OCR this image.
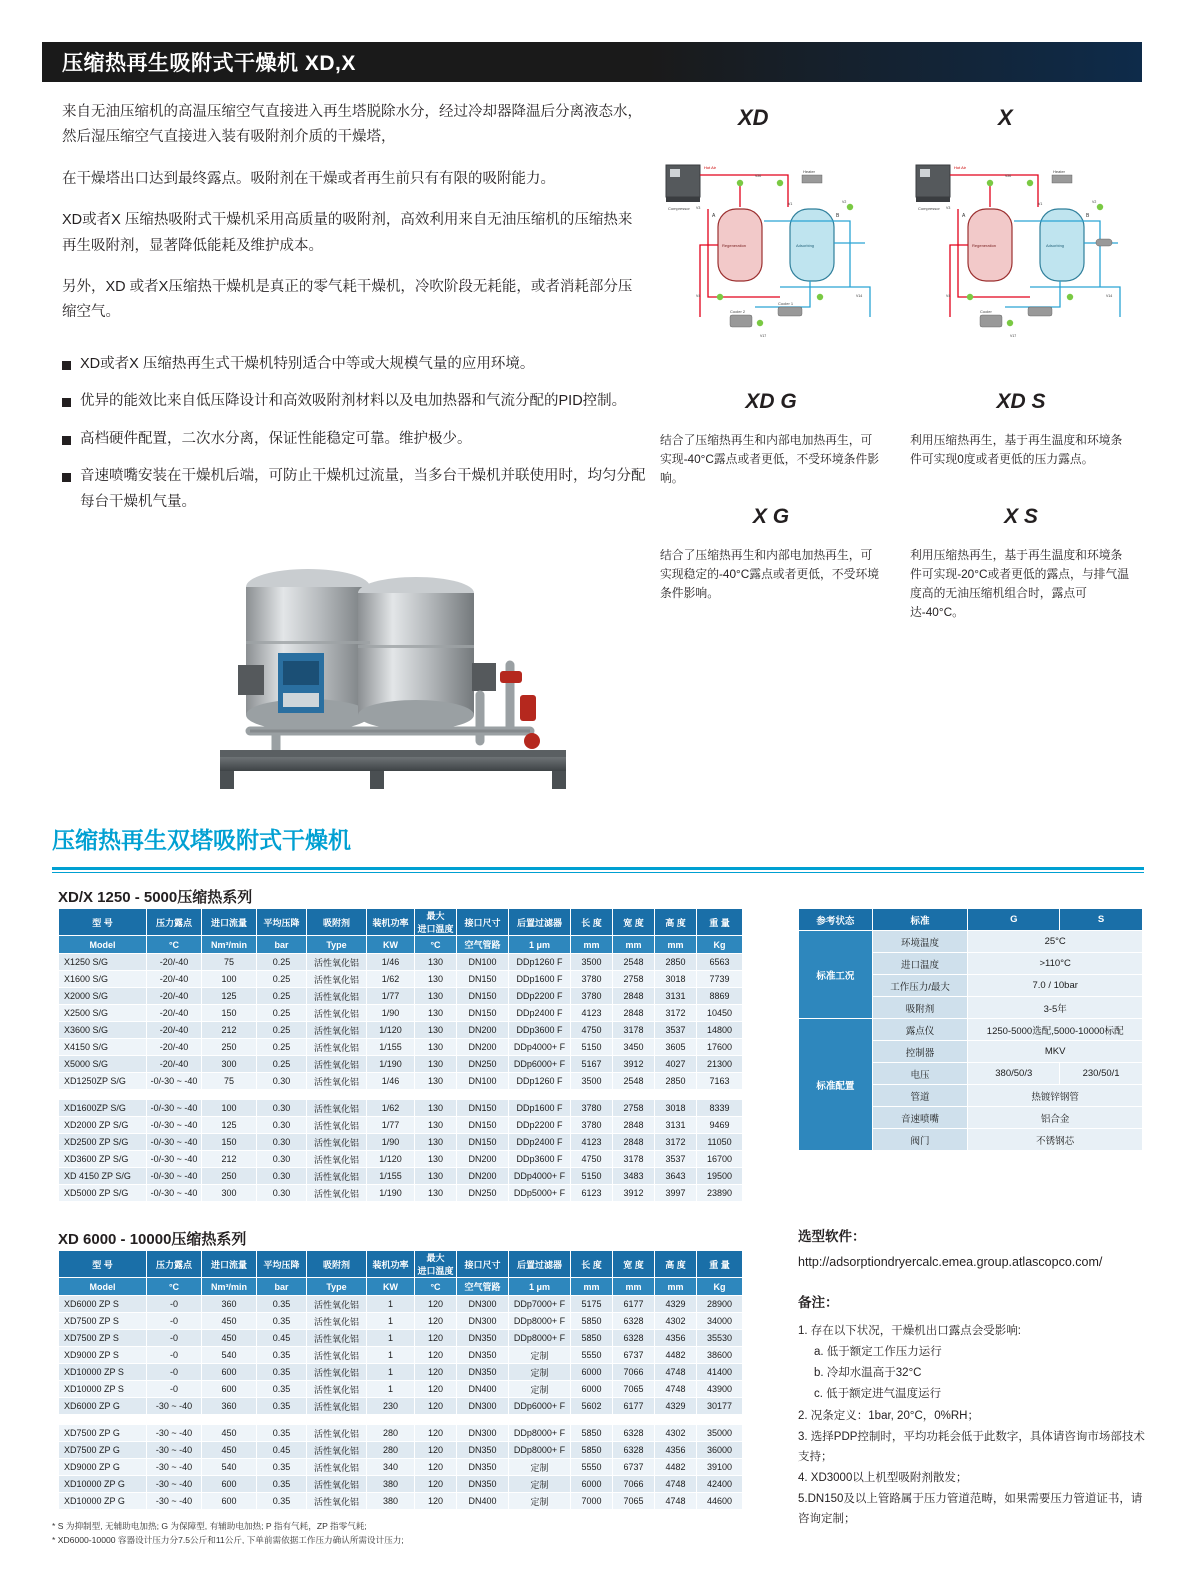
压缩热再生吸附式干燥机 XD,X

来自无油压缩机的高温压缩空气直接进入再生塔脱除水分，经过冷却器降温后分离液态水，然后湿压缩空气直接进入装有吸附剂介质的干燥塔，

在干燥塔出口达到最终露点。吸附剂在干燥或者再生前只有有限的吸附能力。

XD或者X 压缩热吸附式干燥机采用高质量的吸附剂，高效利用来自无油压缩机的压缩热来再生吸附剂，显著降低能耗及维护成本。

另外，XD 或者X压缩热干燥机是真正的零气耗干燥机，冷吹阶段无耗能，或者消耗部分压缩空气。

XD或者X 压缩热再生式干燥机特别适合中等或大规模气量的应用环境。
优异的能效比来自低压降设计和高效吸附剂材料以及电加热器和气流分配的PID控制。
高档硬件配置，二次水分离，保证性能稳定可靠。维护极少。
音速喷嘴安装在干燥机后端，可防止干燥机过流量，当多台干燥机并联使用时，均匀分配每台干燥机气量。
XD	X
Compressor
Hot Air
Regeneration	Adsorbing
A	B
Heater
Cooler 2
Cooler 1
V20
V1	V2
V3
V4	V14
V17
Compressor
Hot Air
Regeneration	Adsorbing
A	B
Heater
Cooler
V20
V1	V2
V3
V4	V14
V17
XD G
结合了压缩热再生和内部电加热再生，可实现-40°C露点或者更低，不受环境条件影响。
XD S
利用压缩热再生，基于再生温度和环境条件可实现0度或者更低的压力露点。
X G
结合了压缩热再生和内部电加热再生，可实现稳定的-40°C露点或者更低，不受环境条件影响。
X S
利用压缩热再生，基于再生温度和环境条件可实现-20°C或者更低的露点，与排气温度高的无油压缩机组合时，露点可达-40°C。
压缩热再生双塔吸附式干燥机
XD/X 1250 - 5000压缩热系列
型 号	压力露点	进口流量	平均压降	吸附剂	装机功率	最大
进口温度	接口尺寸	后置过滤器	长 度	宽 度	高 度	重 量
Model	°C	Nm³/min	bar	Type	KW	°C	空气管路	1 μm	mm	mm	mm	Kg
X1250 S/G	-20/-40	75	0.25	活性氧化铝	1/46	130	DN100	DDp1260 F	3500	2548	2850	6563
X1600 S/G	-20/-40	100	0.25	活性氧化铝	1/62	130	DN150	DDp1600 F	3780	2758	3018	7739
X2000 S/G	-20/-40	125	0.25	活性氧化铝	1/77	130	DN150	DDp2200 F	3780	2848	3131	8869
X2500 S/G	-20/-40	150	0.25	活性氧化铝	1/90	130	DN150	DDp2400 F	4123	2848	3172	10450
X3600 S/G	-20/-40	212	0.25	活性氧化铝	1/120	130	DN200	DDp3600 F	4750	3178	3537	14800
X4150 S/G	-20/-40	250	0.25	活性氧化铝	1/155	130	DN200	DDp4000+ F	5150	3450	3605	17600
X5000 S/G	-20/-40	300	0.25	活性氧化铝	1/190	130	DN250	DDp6000+ F	5167	3912	4027	21300
XD1250ZP S/G	-0/-30 ~ -40	75	0.30	活性氧化铝	1/46	130	DN100	DDp1260 F	3500	2548	2850	7163

XD1600ZP S/G	-0/-30 ~ -40	100	0.30	活性氧化铝	1/62	130	DN150	DDp1600 F	3780	2758	3018	8339
XD2000 ZP S/G	-0/-30 ~ -40	125	0.30	活性氧化铝	1/77	130	DN150	DDp2200 F	3780	2848	3131	9469
XD2500 ZP S/G	-0/-30 ~ -40	150	0.30	活性氧化铝	1/90	130	DN150	DDp2400 F	4123	2848	3172	11050
XD3600 ZP S/G	-0/-30 ~ -40	212	0.30	活性氧化铝	1/120	130	DN200	DDp3600 F	4750	3178	3537	16700
XD 4150 ZP S/G	-0/-30 ~ -40	250	0.30	活性氧化铝	1/155	130	DN200	DDp4000+ F	5150	3483	3643	19500
XD5000 ZP S/G	-0/-30 ~ -40	300	0.30	活性氧化铝	1/190	130	DN250	DDp5000+ F	6123	3912	3997	23890
XD 6000 - 10000压缩热系列
型 号	压力露点	进口流量	平均压降	吸附剂	装机功率	最大
进口温度	接口尺寸	后置过滤器	长 度	宽 度	高 度	重 量
Model	°C	Nm³/min	bar	Type	KW	°C	空气管路	1 μm	mm	mm	mm	Kg
XD6000 ZP S	-0	360	0.35	活性氧化铝	1	120	DN300	DDp7000+ F	5175	6177	4329	28900
XD7500 ZP S	-0	450	0.35	活性氧化铝	1	120	DN300	DDp8000+ F	5850	6328	4302	34000
XD7500 ZP S	-0	450	0.45	活性氧化铝	1	120	DN350	DDp8000+ F	5850	6328	4356	35530
XD9000 ZP S	-0	540	0.35	活性氧化铝	1	120	DN350	定制	5550	6737	4482	38600
XD10000 ZP S	-0	600	0.35	活性氧化铝	1	120	DN350	定制	6000	7066	4748	41400
XD10000 ZP S	-0	600	0.35	活性氧化铝	1	120	DN400	定制	6000	7065	4748	43900
XD6000 ZP G	-30 ~ -40	360	0.35	活性氧化铝	230	120	DN300	DDp6000+ F	5602	6177	4329	30177

XD7500 ZP G	-30 ~ -40	450	0.35	活性氧化铝	280	120	DN300	DDp8000+ F	5850	6328	4302	35000
XD7500 ZP G	-30 ~ -40	450	0.45	活性氧化铝	280	120	DN350	DDp8000+ F	5850	6328	4356	36000
XD9000 ZP G	-30 ~ -40	540	0.35	活性氧化铝	340	120	DN350	定制	5550	6737	4482	39100
XD10000 ZP G	-30 ~ -40	600	0.35	活性氧化铝	380	120	DN350	定制	6000	7066	4748	42400
XD10000 ZP G	-30 ~ -40	600	0.35	活性氧化铝	380	120	DN400	定制	7000	7065	4748	44600
参考状态	标准	G	S
标准工况	环境温度	25°C	
	进口温度	>110°C	
	工作压力/最大	7.0 / 10bar	
	吸附剂	3-5年	
标准配置	露点仪	1250-5000选配,5000-10000标配	
	控制器	MKV	
	电压	380/50/3	230/50/1
	管道	热镀锌钢管	
	音速喷嘴	铝合金	
	阀门	不锈钢芯	
选型软件：
http://adsorptiondryercalc.emea.group.atlascopco.com/
备注：
1. 存在以下状况，干燥机出口露点会受影响:
a. 低于额定工作压力运行
b. 冷却水温高于32°C
c. 低于额定进气温度运行
2. 况条定义：1bar, 20°C，0%RH；
3. 选择PDP控制时，平均功耗会低于此数字，具体请咨询市场部技术支持；
4. XD3000以上机型吸附剂散发；
5.DN150及以上管路属于压力管道范畴，如果需要压力管道证书，请咨询定制；
* S 为抑制型, 无辅助电加热; G 为保障型, 有辅助电加热; P 指有气耗，ZP 指零气耗;
* XD6000-10000 容器设计压力分7.5公斤和11公斤, 下单前需依据工作压力确认所需设计压力;
